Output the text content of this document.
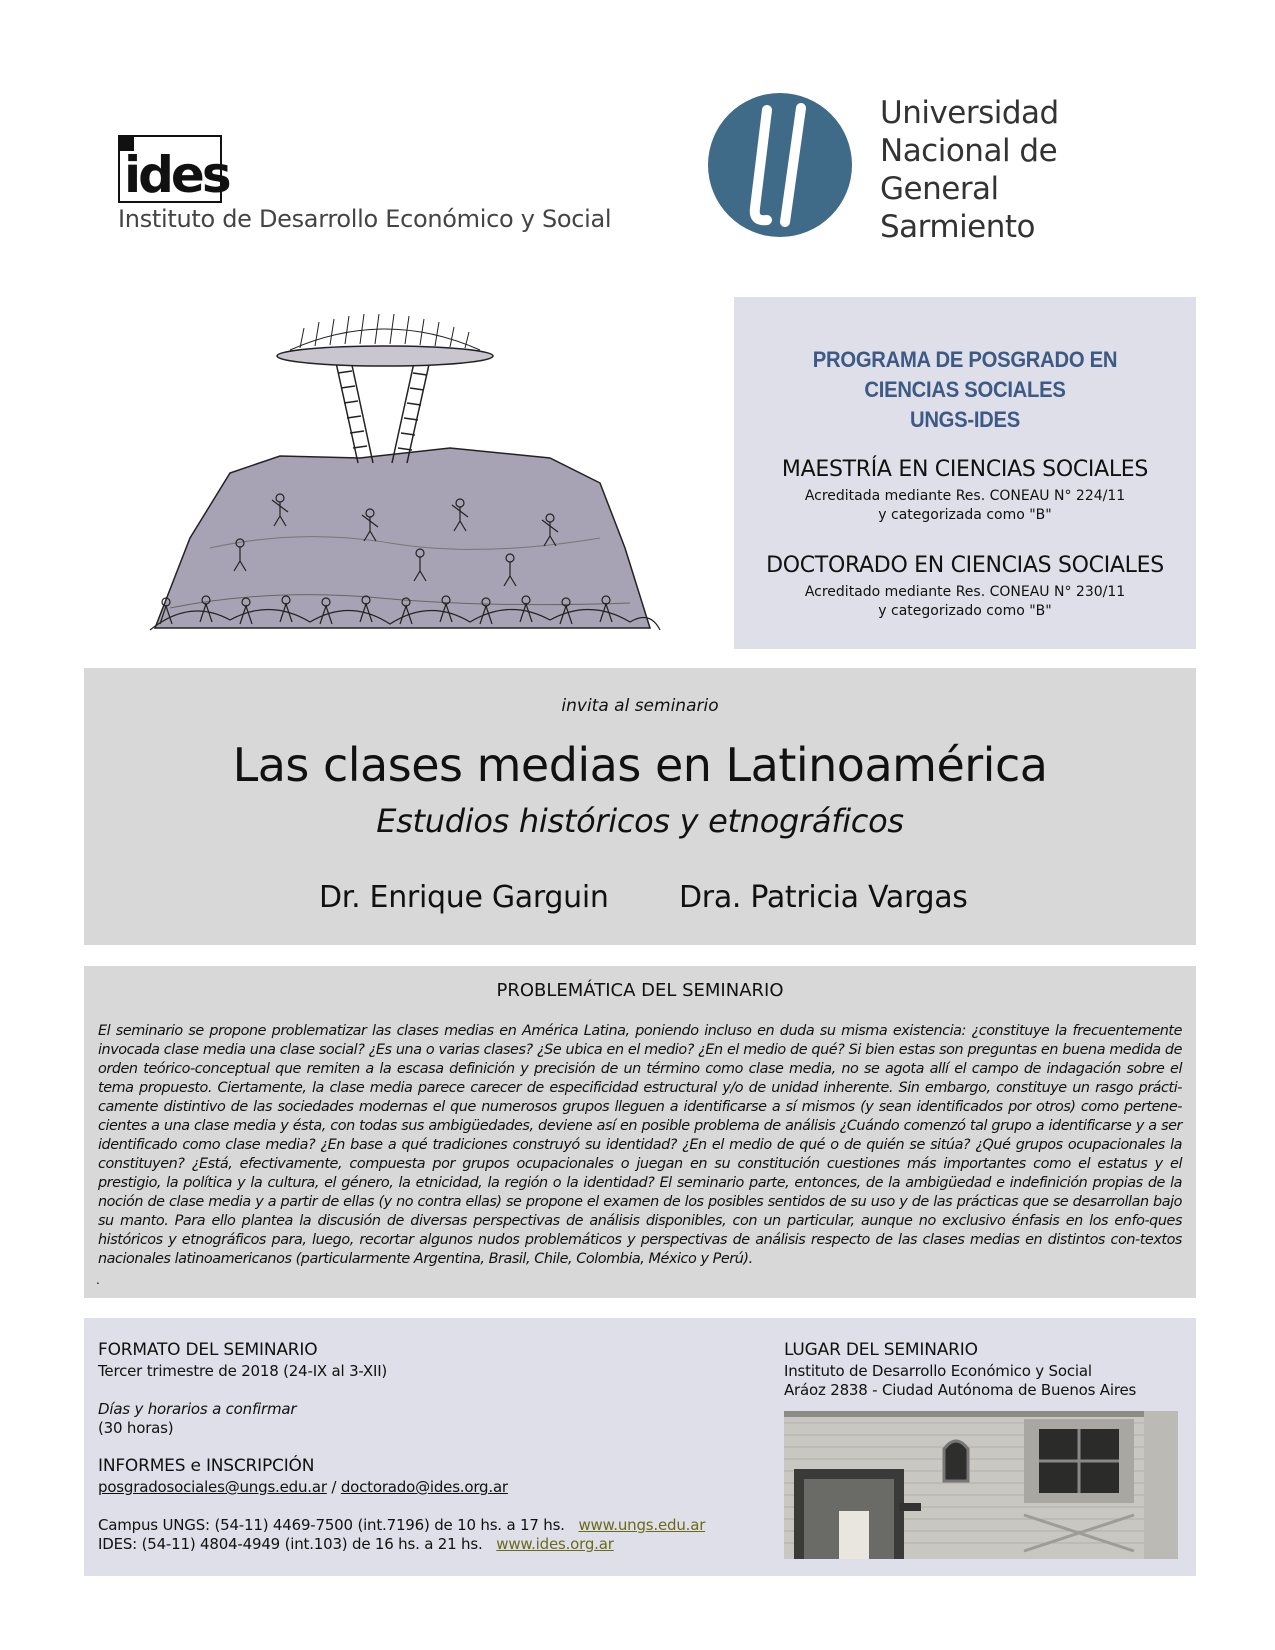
ides
Instituto de Desarrollo Económico y Social
Universidad
Nacional de
General
Sarmiento
PROGRAMA DE POSGRADO EN
CIENCIAS SOCIALES
UNGS-IDES
MAESTRÍA EN CIENCIAS SOCIALES
Acreditada mediante Res. CONEAU N° 224/11
y categorizada como "B"
DOCTORADO EN CIENCIAS SOCIALES
Acreditado mediante Res. CONEAU N° 230/11
y categorizado como "B"
invita al seminario
Las clases medias en Latinoamérica
Estudios históricos y etnográficos
Dr. Enrique Garguin Dra. Patricia Vargas
PROBLEMÁTICA DEL SEMINARIO
El seminario se propone problematizar las clases medias en América Latina, poniendo incluso en duda su misma existencia: ¿constituye la frecuentemente invocada clase media una clase social? ¿Es una o varias clases? ¿Se ubica en el medio? ¿En el medio de qué? Si bien estas son preguntas en buena medida de orden teórico-conceptual que remiten a la escasa definición y precisión de un término como clase media, no se agota allí el campo de indagación sobre el tema propuesto. Ciertamente, la clase media parece carecer de especificidad estructural y/o de unidad inherente. Sin embargo, constituye un rasgo prácti-camente distintivo de las sociedades modernas el que numerosos grupos lleguen a identificarse a sí mismos (y sean identificados por otros) como pertene-cientes a una clase media y ésta, con todas sus ambigüedades, deviene así en posible problema de análisis ¿Cuándo comenzó tal grupo a identificarse y a ser identificado como clase media? ¿En base a qué tradiciones construyó su identidad? ¿En el medio de qué o de quién se sitúa? ¿Qué grupos ocupacionales la constituyen? ¿Está, efectivamente, compuesta por grupos ocupacionales o juegan en su constitución cuestiones más importantes como el estatus y el prestigio, la política y la cultura, el género, la etnicidad, la región o la identidad? El seminario parte, entonces, de la ambigüedad e indefinición propias de la noción de clase media y a partir de ellas (y no contra ellas) se propone el examen de los posibles sentidos de su uso y de las prácticas que se desarrollan bajo su manto. Para ello plantea la discusión de diversas perspectivas de análisis disponibles, con un particular, aunque no exclusivo énfasis en los enfo-ques históricos y etnográficos para, luego, recortar algunos nudos problemáticos y perspectivas de análisis respecto de las clases medias en distintos con-textos nacionales latinoamericanos (particularmente Argentina, Brasil, Chile, Colombia, México y Perú).
.
FORMATO DEL SEMINARIO
Tercer trimestre de 2018 (24-IX al 3-XII)
Días y horarios a confirmar
(30 horas)
INFORMES e INSCRIPCIÓN
posgradosociales@ungs.edu.ar / doctorado@ides.org.ar
Campus UNGS: (54-11) 4469-7500 (int.7196) de 10 hs. a 17 hs. www.ungs.edu.ar
IDES: (54-11) 4804-4949 (int.103) de 16 hs. a 21 hs. www.ides.org.ar
LUGAR DEL SEMINARIO
Instituto de Desarrollo Económico y Social
Aráoz 2838 - Ciudad Autónoma de Buenos Aires
